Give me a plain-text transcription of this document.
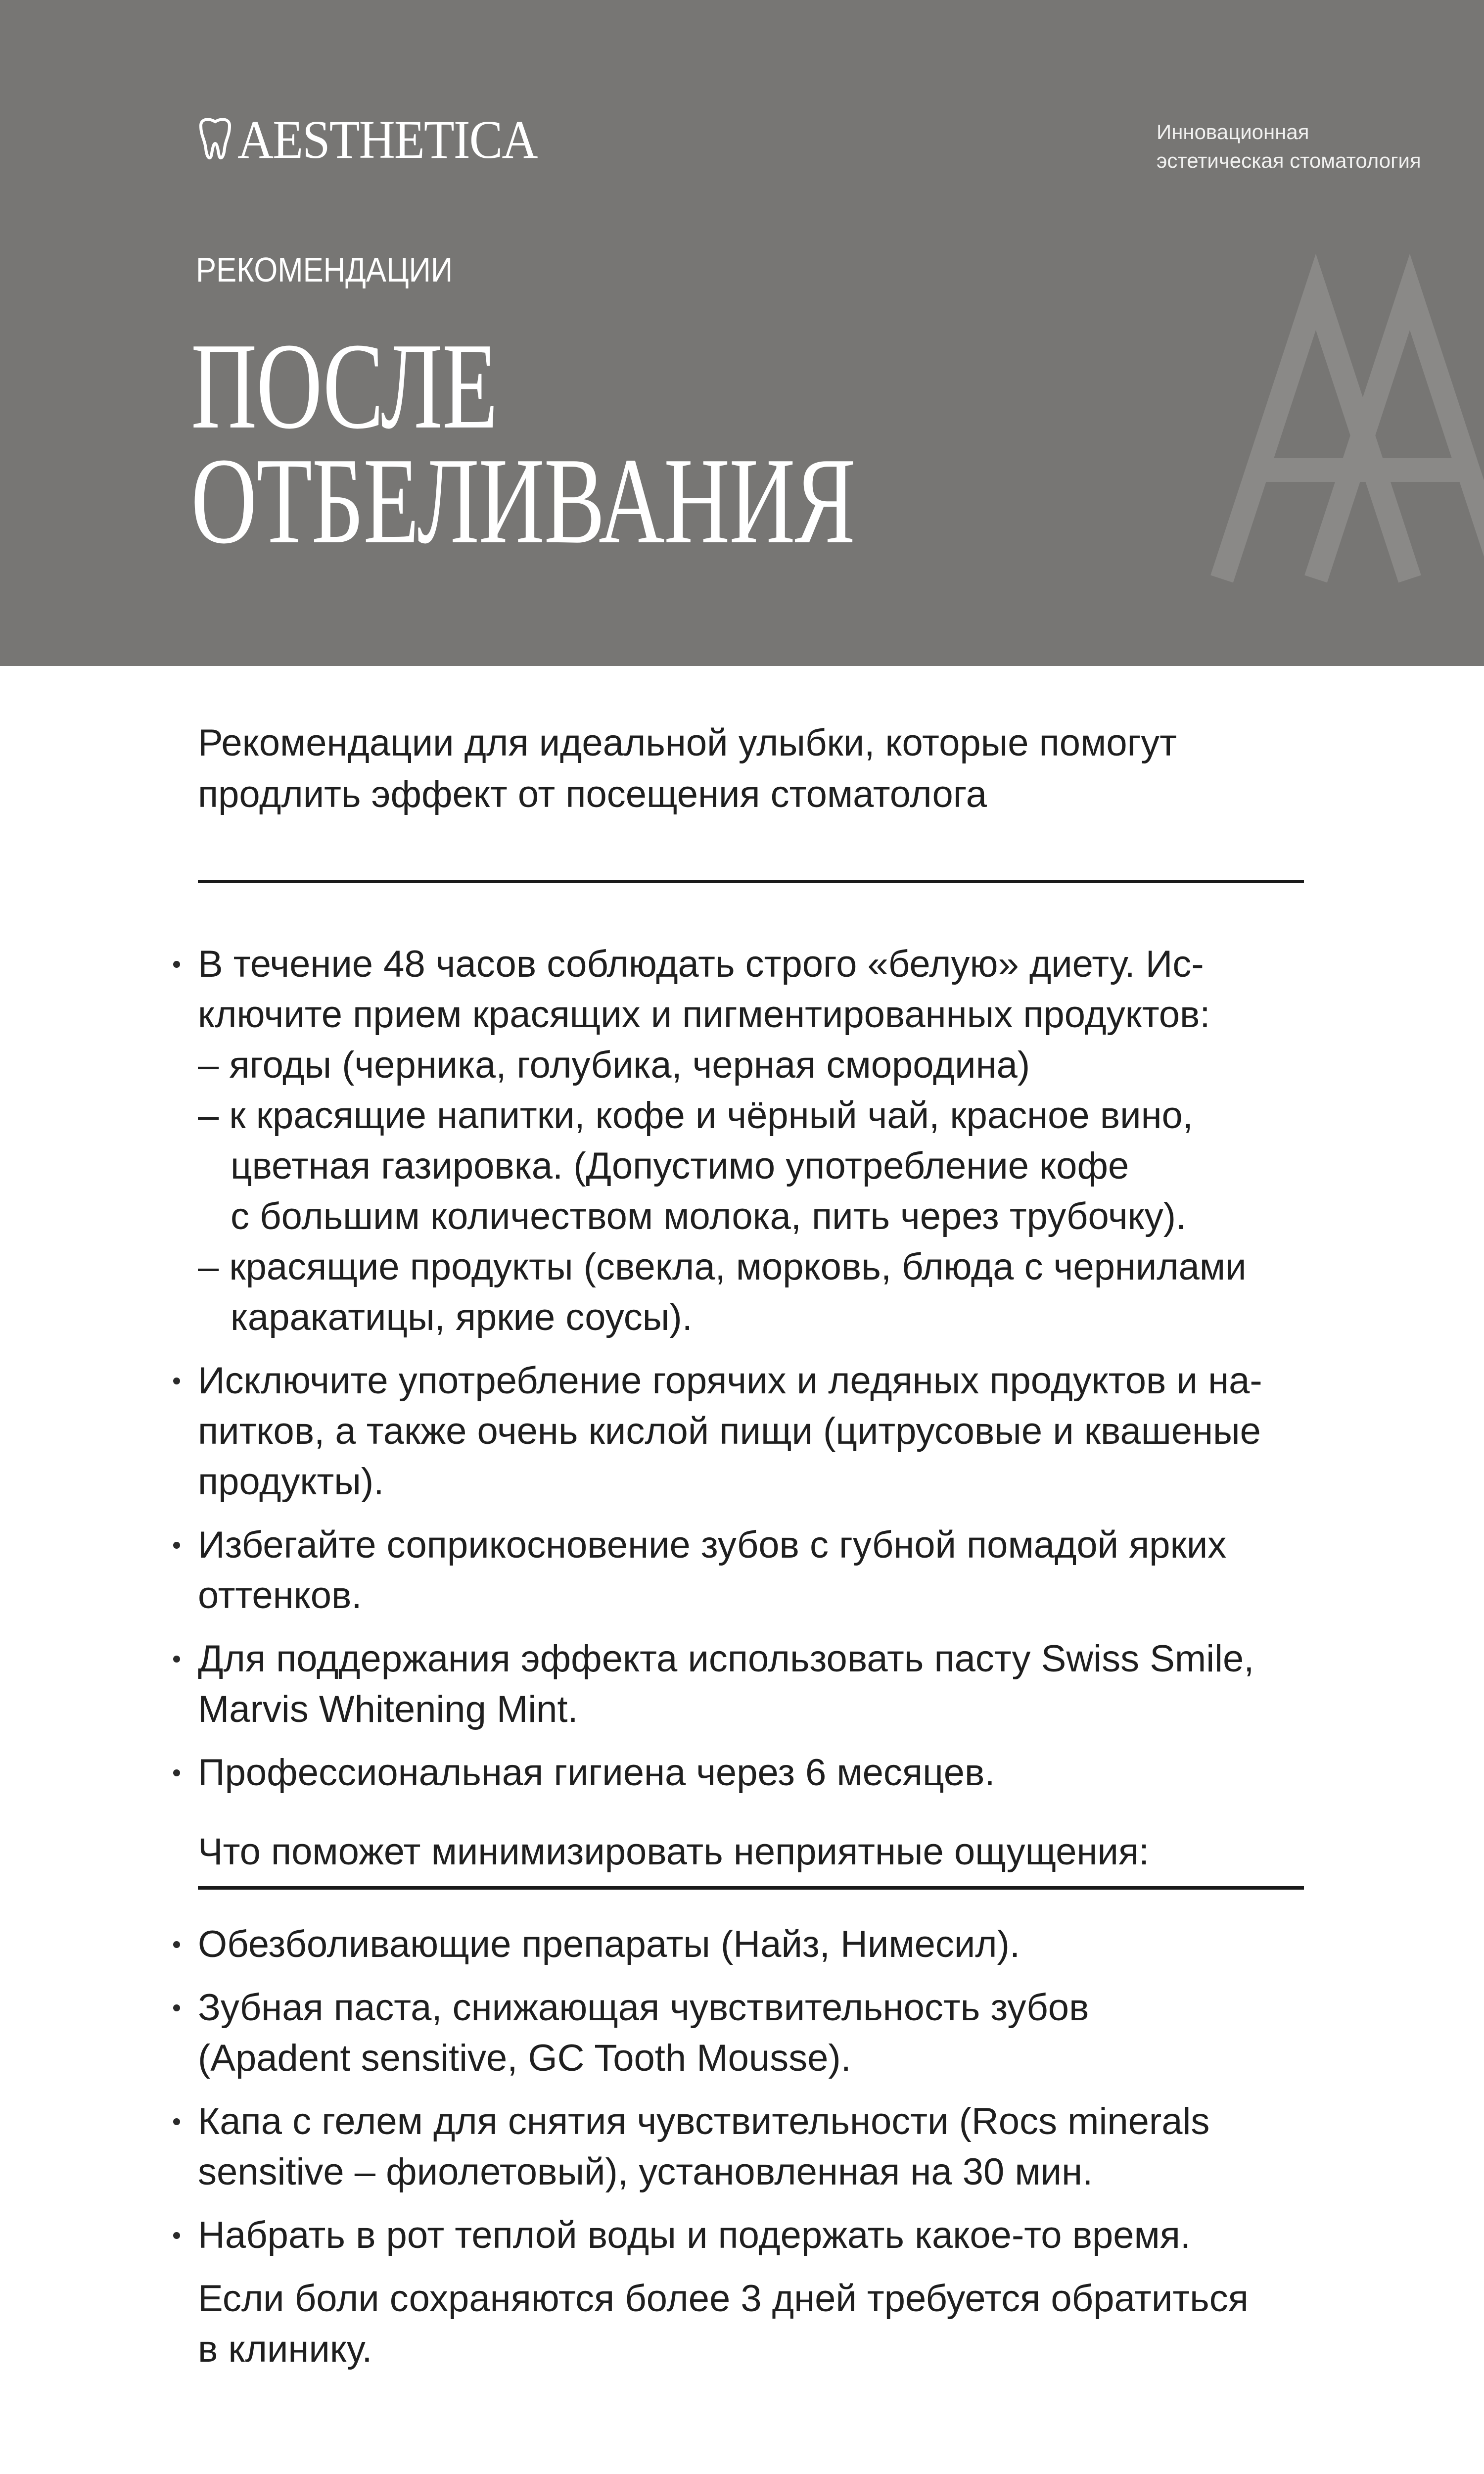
AESTHETICA	Инновационная
эстетическая стоматология
РЕКОМЕНДАЦИИ
ПОСЛЕ
ОТБЕЛИВАНИЯ
Рекомендации для идеальной улыбки, которые помогут
продлить эффект от посещения стоматолога
В течение 48 часов соблюдать строго «белую» диету. Ис-
ключите прием красящих и пигментированных продуктов:
– ягоды (черника, голубика, черная смородина)
– к красящие напитки, кофе и чёрный чай, красное вино,
цветная газировка. (Допустимо употребление кофе
с большим количеством молока, пить через трубочку).
– красящие продукты (свекла, морковь, блюда с чернилами
каракатицы, яркие соусы).
Исключите употребление горячих и ледяных продуктов и на-
питков, а также очень кислой пищи (цитрусовые и квашеные
продукты).
Избегайте соприкосновение зубов с губной помадой ярких
оттенков.
Для поддержания эффекта использовать пасту Swiss Smile,
Marvis Whitening Mint.
Профессиональная гигиена через 6 месяцев.
Что поможет минимизировать неприятные ощущения:
Обезболивающие препараты (Найз, Нимесил).
Зубная паста, снижающая чувствительность зубов
(Apadent sensitive, GC Tooth Mousse).
Капа с гелем для снятия чувствительности (Rocs minerals
sensitive – фиолетовый), установленная на 30 мин.
Набрать в рот теплой воды и подержать какое-то время.
Если боли сохраняются более 3 дней требуется обратиться
в клинику.
